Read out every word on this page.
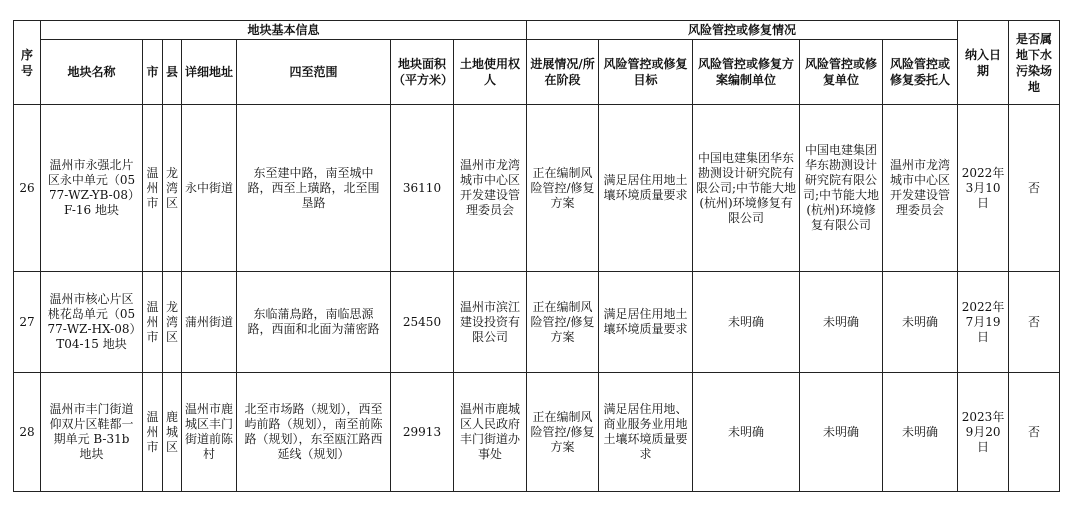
序号	地块基本信息							风险管控或修复情况					纳入日期	是否属地下水污染场地
	地块名称	市	县	详细地址	四至范围	地块面积（平方米）	土地使用权人	进展情况/所在阶段	风险管控或修复目标	风险管控或修复方案编制单位	风险管控或修复单位	风险管控或修复委托人		
26	温州市永强北片区永中单元（0577-WZ-YB-08）F-16 地块	温州市	龙湾区	永中街道	东至建中路，南至城中路，西至上璜路，北至围垦路	36110	温州市龙湾城市中心区开发建设管理委员会	正在编制风险管控/修复方案	满足居住用地土壤环境质量要求	中国电建集团华东勘测设计研究院有限公司;中节能大地(杭州)环境修复有限公司	中国电建集团华东勘测设计研究院有限公司;中节能大地(杭州)环境修复有限公司	温州市龙湾城市中心区开发建设管理委员会	2022年3月10日	否
27	温州市核心片区桃花岛单元（0577-WZ-HX-08）T04-15 地块	温州市	龙湾区	蒲州街道	东临蒲鳥路，南临思源路，西面和北面为蒲密路	25450	温州市滨江建设投资有限公司	正在编制风险管控/修复方案	满足居住用地土壤环境质量要求	未明确	未明确	未明确	2022年7月19日	否
28	温州市丰门街道仰双片区鞋都一期单元 B-31b 地块	温州市	鹿城区	温州市鹿城区丰门街道前陈村	北至市场路（规划），西至屿前路（规划），南至前陈路（规划），东至瓯江路西延线（规划）	29913	温州市鹿城区人民政府丰门街道办事处	正在编制风险管控/修复方案	满足居住用地、商业服务业用地土壤环境质量要求	未明确	未明确	未明确	2023年9月20日	否
